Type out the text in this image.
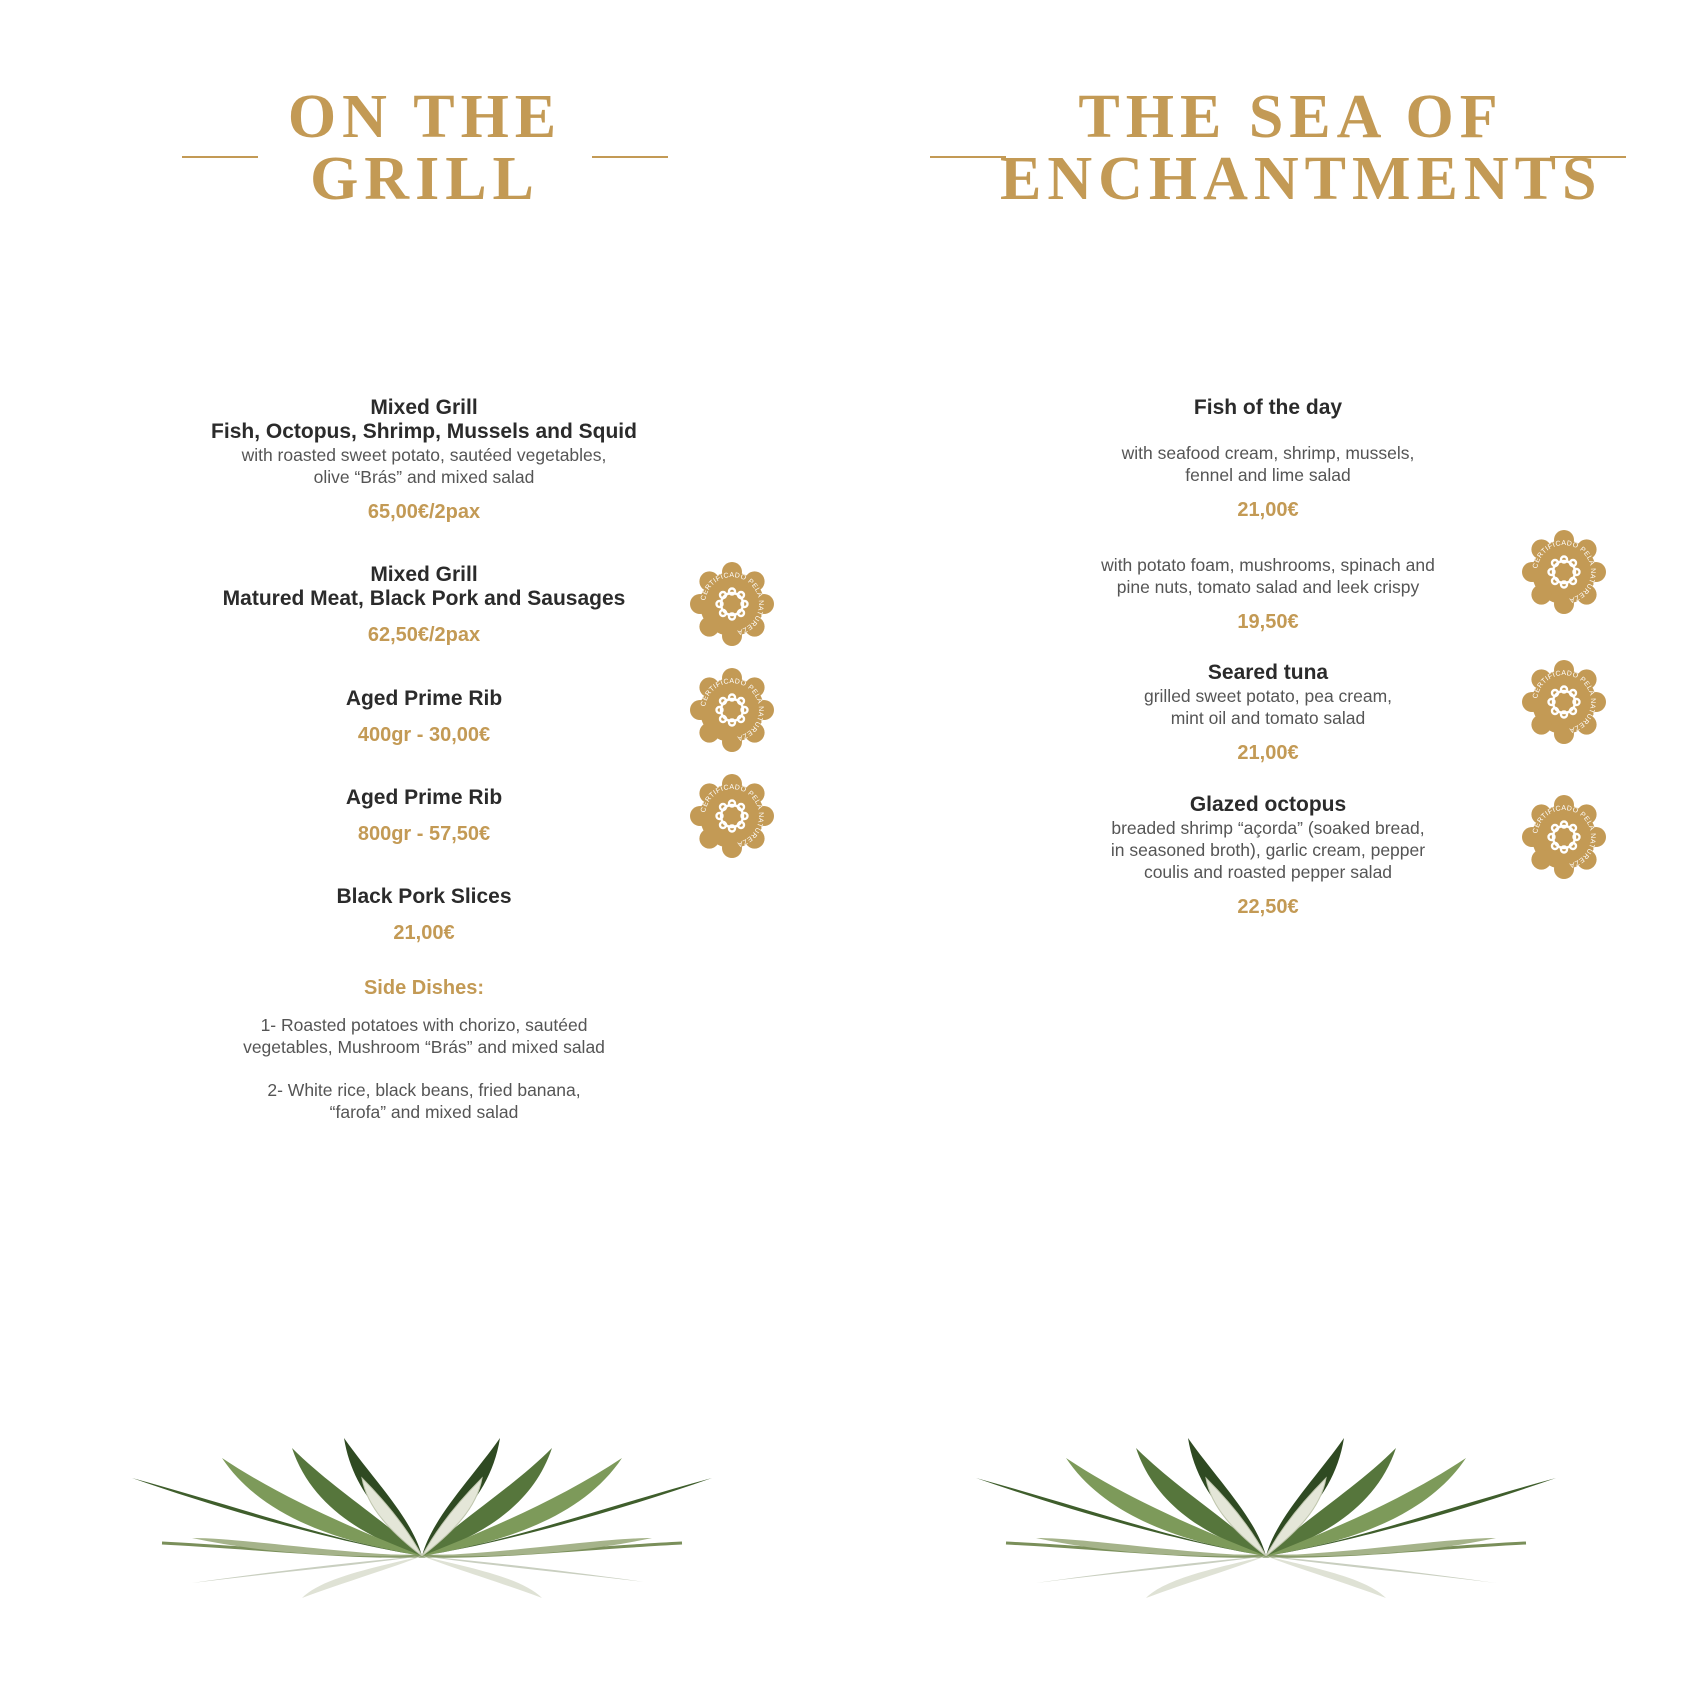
ON THE
GRILL
Mixed Grill
Fish, Octopus, Shrimp, Mussels and Squid
with roasted sweet potato, sautéed vegetables,
olive “Brás” and mixed salad
65,00€/2pax
Mixed Grill
Matured Meat, Black Pork and Sausages
62,50€/2pax
Aged Prime Rib
400gr - 30,00€
Aged Prime Rib
800gr - 57,50€
Black Pork Slices
21,00€
Side Dishes:
1- Roasted potatoes with chorizo, sautéed
vegetables, Mushroom “Brás” and mixed salad
2- White rice, black beans, fried banana,
“farofa” and mixed salad
THE SEA OF
ENCHANTMENTS
Fish of the day
with seafood cream, shrimp, mussels,
fennel and lime salad
21,00€
with potato foam, mushrooms, spinach and
pine nuts, tomato salad and leek crispy
19,50€
Seared tuna
grilled sweet potato, pea cream,
mint oil and tomato salad
21,00€
Glazed octopus
breaded shrimp “açorda” (soaked bread,
in seasoned broth), garlic cream, pepper
coulis and roasted pepper salad
22,50€
